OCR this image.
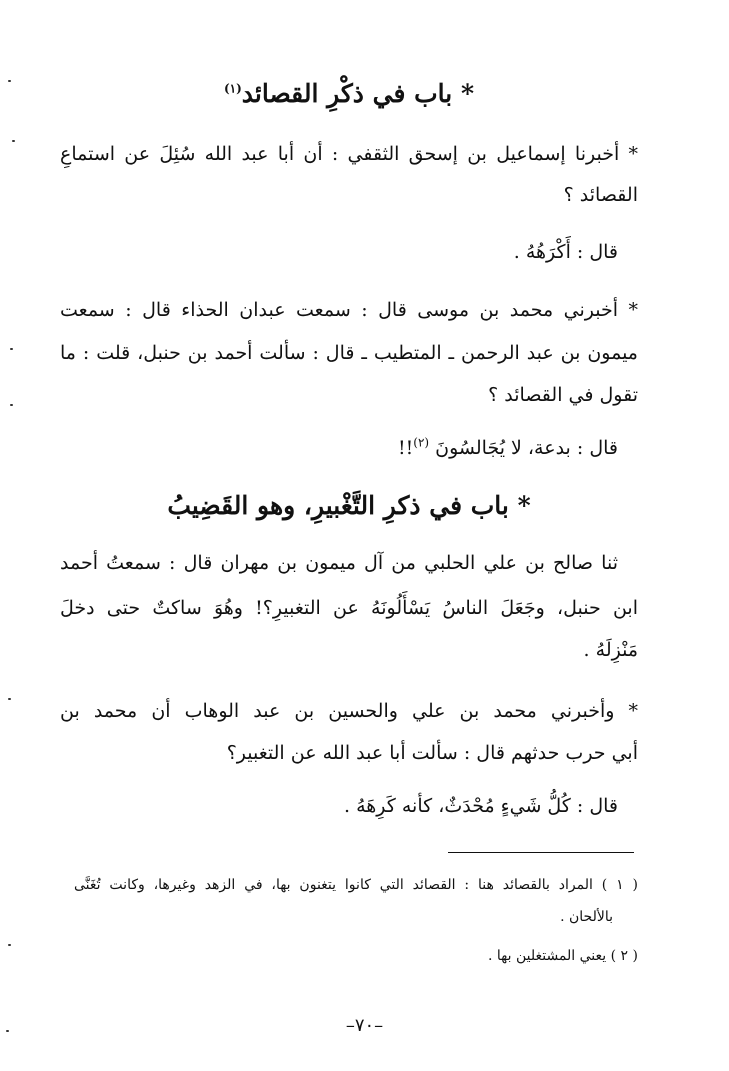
* باب في ذكْرِ القصائد$^{(١)}$
* أخبرنا إسماعيل بن إسحق الثقفي : أن أبا عبد الله سُئِلَ عن استماعِ
القصائد ؟
قال : أَكْرَهُهُ .
* أخبرني محمد بن موسى قال : سمعت عبدان الحذاء قال : سمعت
ميمون بن عبد الرحمن ـ المتطيب ـ قال : سألت أحمد بن حنبل، قلت : ما
تقول في القصائد ؟
قال : بدعة، لا يُجَالسُونَ $^{(٢)}$!!
* باب في ذكرِ التَّغْبيرِ، وهو القَضِيبُ
ثنا صالح بن علي الحلبي من آل ميمون بن مهران قال : سمعتُ أحمد
ابن حنبل، وجَعَلَ الناسُ يَسْأَلُونَهُ عن التغبيرِ؟! وهُوَ ساكتٌ حتى دخلَ
مَنْزِلَهُ .
* وأخبرني محمد بن علي والحسين بن عبد الوهاب أن محمد بن
أبي حرب حدثهم قال : سألت أبا عبد الله عن التغبير؟
قال : كُلُّ شَيءٍ مُحْدَثٌ، كأنه كَرِهَهُ .
( ١ ) المراد بالقصائد هنا : القصائد التي كانوا يتغنون بها، في الزهد وغيرها، وكانت تُغَنَّى
بالألحان .
( ٢ ) يعني المشتغلين بها .
–٧٠–
